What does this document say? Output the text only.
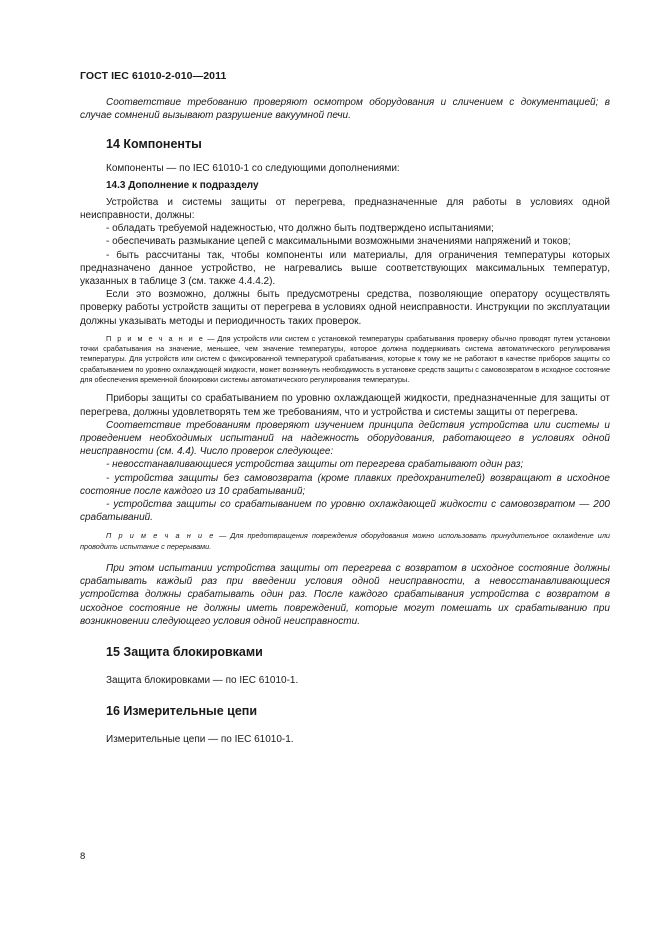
ГОСТ IEC 61010-2-010—2011

Соответствие требованию проверяют осмотром оборудования и сличением с документацией; в случае сомнений вызывают разрушение вакуумной печи.

14 Компоненты

Компоненты — по IEC 61010-1 со следующими дополнениями:

14.3 Дополнение к подразделу

Устройства и системы защиты от перегрева, предназначенные для работы в условиях одной неисправности, должны:

- обладать требуемой надежностью, что должно быть подтверждено испытаниями;

- обеспечивать размыкание цепей с максимальными возможными значениями напряжений и токов;

- быть рассчитаны так, чтобы компоненты или материалы, для ограничения температуры которых предназначено данное устройство, не нагревались выше соответствующих максимальных температур, указанных в таблице 3 (см. также 4.4.4.2).

Если это возможно, должны быть предусмотрены средства, позволяющие оператору осуществлять проверку работы устройств защиты от перегрева в условиях одной неисправности. Инструкции по эксплуатации должны указывать методы и периодичность таких проверок.

П р и м е ч а н и е — Для устройств или систем с установкой температуры срабатывания проверку обычно проводят путем установки точки срабатывания на значение, меньшее, чем значение температуры, которое должна поддерживать система автоматического регулирования температуры. Для устройств или систем с фиксированной температурой срабатывания, которые к тому же не работают в качестве приборов защиты со срабатыванием по уровню охлаждающей жидкости, может возникнуть необходимость в установке средств защиты с самовозвратом в исходное состояние для обеспечения временной блокировки системы автоматического регулирования температуры.

Приборы защиты со срабатыванием по уровню охлаждающей жидкости, предназначенные для защиты от перегрева, должны удовлетворять тем же требованиям, что и устройства и системы защиты от перегрева.

Соответствие требованиям проверяют изучением принципа действия устройства или системы и проведением необходимых испытаний на надежность оборудования, работающего в условиях одной неисправности (см. 4.4). Число проверок следующее:

- невосстанавливающиеся устройства защиты от перегрева срабатывают один раз;

- устройства защиты без самовозврата (кроме плавких предохранителей) возвращают в исходное состояние после каждого из 10 срабатываний;

- устройства защиты со срабатыванием по уровню охлаждающей жидкости с самовозвратом — 200 срабатываний.

П р и м е ч а н и е — Для предотвращения повреждения оборудования можно использовать принудительное охлаждение или проводить испытание с перерывами.

При этом испытании устройства защиты от перегрева с возвратом в исходное состояние должны срабатывать каждый раз при введении условия одной неисправности, а невосстанавливающиеся устройства должны срабатывать один раз. После каждого срабатывания устройства с возвратом в исходное состояние не должны иметь повреждений, которые могут помешать их срабатыванию при возникновении следующего условия одной неисправности.

15 Защита блокировками

Защита блокировками — по IEC 61010-1.

16 Измерительные цепи

Измерительные цепи — по IEC 61010-1.

8
